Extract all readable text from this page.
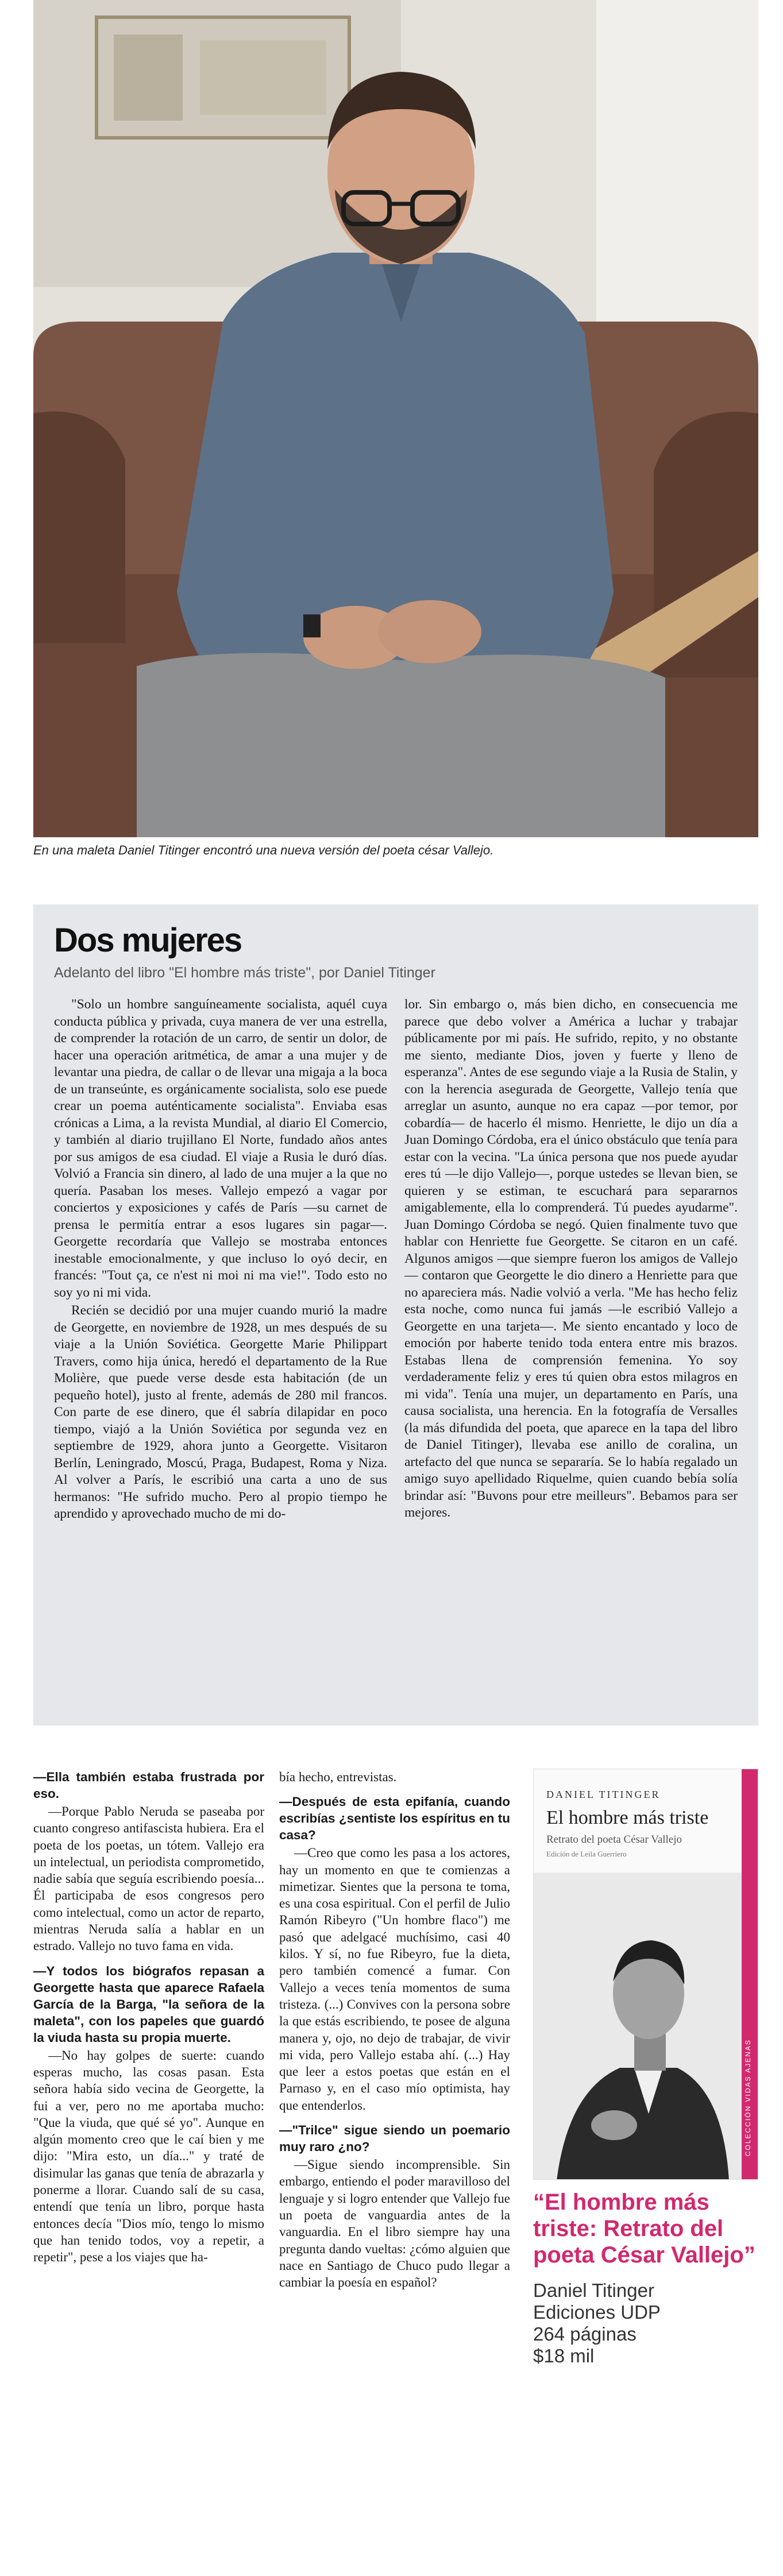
En una maleta Daniel Titinger encontró una nueva versión del poeta césar Vallejo.
Dos mujeres
Adelanto del libro "El hombre más triste", por Daniel Titinger

"Solo un hombre sanguíneamente socialista, aquél cuya conducta pública y privada, cuya manera de ver una estrella, de comprender la rotación de un carro, de sentir un dolor, de hacer una operación aritmética, de amar a una mujer y de levantar una piedra, de callar o de llevar una migaja a la boca de un transeúnte, es orgánicamente socialista, solo ese puede crear un poema auténticamente socialista". Enviaba esas crónicas a Lima, a la revista Mundial, al diario El Comercio, y también al diario trujillano El Norte, fundado años antes por sus amigos de esa ciudad. El viaje a Rusia le duró días. Volvió a Francia sin dinero, al lado de una mujer a la que no quería. Pasaban los meses. Vallejo empezó a vagar por conciertos y exposiciones y cafés de París —su carnet de prensa le permitía entrar a esos lugares sin pagar—. Georgette recordaría que Vallejo se mostraba entonces inestable emocionalmente, y que incluso lo oyó decir, en francés: "Tout ça, ce n'est ni moi ni ma vie!". Todo esto no soy yo ni mi vida.

Recién se decidió por una mujer cuando murió la madre de Georgette, en noviembre de 1928, un mes después de su viaje a la Unión Soviética. Georgette Marie Philippart Travers, como hija única, heredó el departamento de la Rue Molière, que puede verse desde esta habitación (de un pequeño hotel), justo al frente, además de 280 mil francos. Con parte de ese dinero, que él sabría dilapidar en poco tiempo, viajó a la Unión Soviética por segunda vez en septiembre de 1929, ahora junto a Georgette. Visitaron Berlín, Leningrado, Moscú, Praga, Budapest, Roma y Niza. Al volver a París, le escribió una carta a uno de sus hermanos: "He sufrido mucho. Pero al propio tiempo he aprendido y aprovechado mucho de mi do-

lor. Sin embargo o, más bien dicho, en consecuencia me parece que debo volver a América a luchar y trabajar públicamente por mi país. He sufrido, repito, y no obstante me siento, mediante Dios, joven y fuerte y lleno de esperanza". Antes de ese segundo viaje a la Rusia de Stalin, y con la herencia asegurada de Georgette, Vallejo tenía que arreglar un asunto, aunque no era capaz —por temor, por cobardía— de hacerlo él mismo. Henriette, le dijo un día a Juan Domingo Córdoba, era el único obstáculo que tenía para estar con la vecina. "La única persona que nos puede ayudar eres tú —le dijo Vallejo—, porque ustedes se llevan bien, se quieren y se estiman, te escuchará para separarnos amigablemente, ella lo comprenderá. Tú puedes ayudarme". Juan Domingo Córdoba se negó. Quien finalmente tuvo que hablar con Henriette fue Georgette. Se citaron en un café. Algunos amigos —que siempre fueron los amigos de Vallejo— contaron que Georgette le dio dinero a Henriette para que no apareciera más. Nadie volvió a verla. "Me has hecho feliz esta noche, como nunca fui jamás —le escribió Vallejo a Georgette en una tarjeta—. Me siento encantado y loco de emoción por haberte tenido toda entera entre mis brazos. Estabas llena de comprensión femenina. Yo soy verdaderamente feliz y eres tú quien obra estos milagros en mi vida". Tenía una mujer, un departamento en París, una causa socialista, una herencia. En la fotografía de Versalles (la más difundida del poeta, que aparece en la tapa del libro de Daniel Titinger), llevaba ese anillo de coralina, un artefacto del que nunca se separaría. Se lo había regalado un amigo suyo apellidado Riquelme, quien cuando bebía solía brindar así: "Buvons pour etre meilleurs". Bebamos para ser mejores.

—Ella también estaba frustrada por eso.

—Porque Pablo Neruda se paseaba por cuanto congreso antifascista hubiera. Era el poeta de los poetas, un tótem. Vallejo era un intelectual, un periodista comprometido, nadie sabía que seguía escribiendo poesía... Él participaba de esos congresos pero como intelectual, como un actor de reparto, mientras Neruda salía a hablar en un estrado. Vallejo no tuvo fama en vida.

—Y todos los biógrafos repasan a Georgette hasta que aparece Rafaela García de la Barga, "la señora de la maleta", con los papeles que guardó la viuda hasta su propia muerte.

—No hay golpes de suerte: cuando esperas mucho, las cosas pasan. Esta señora había sido vecina de Georgette, la fui a ver, pero no me aportaba mucho: "Que la viuda, que qué sé yo". Aunque en algún momento creo que le caí bien y me dijo: "Mira esto, un día..." y traté de disimular las ganas que tenía de abrazarla y ponerme a llorar. Cuando salí de su casa, entendí que tenía un libro, porque hasta entonces decía "Dios mío, tengo lo mismo que han tenido todos, voy a repetir, a repetir", pese a los viajes que ha-

bía hecho, entrevistas.

—Después de esta epifanía, cuando escribías ¿sentiste los espíritus en tu casa?

—Creo que como les pasa a los actores, hay un momento en que te comienzas a mimetizar. Sientes que la persona te toma, es una cosa espiritual. Con el perfil de Julio Ramón Ribeyro ("Un hombre flaco") me pasó que adelgacé muchísimo, casi 40 kilos. Y sí, no fue Ribeyro, fue la dieta, pero también comencé a fumar. Con Vallejo a veces tenía momentos de suma tristeza. (...) Convives con la persona sobre la que estás escribiendo, te posee de alguna manera y, ojo, no dejo de trabajar, de vivir mi vida, pero Vallejo estaba ahí. (...) Hay que leer a estos poetas que están en el Parnaso y, en el caso mío optimista, hay que entenderlos.

—"Trilce" sigue siendo un poemario muy raro ¿no?

—Sigue siendo incomprensible. Sin embargo, entiendo el poder maravilloso del lenguaje y si logro entender que Vallejo fue un poeta de vanguardia antes de la vanguardia. En el libro siempre hay una pregunta dando vueltas: ¿cómo alguien que nace en Santiago de Chuco pudo llegar a cambiar la poesía en español?

DANIEL TITINGER
El hombre más triste
Retrato del poeta César Vallejo
Edición de Leila Guerriero
COLECCIÓN VIDAS AJENAS
“El hombre más triste: Retrato del poeta César Vallejo”

Daniel Titinger

Ediciones UDP

264 páginas

$18 mil
